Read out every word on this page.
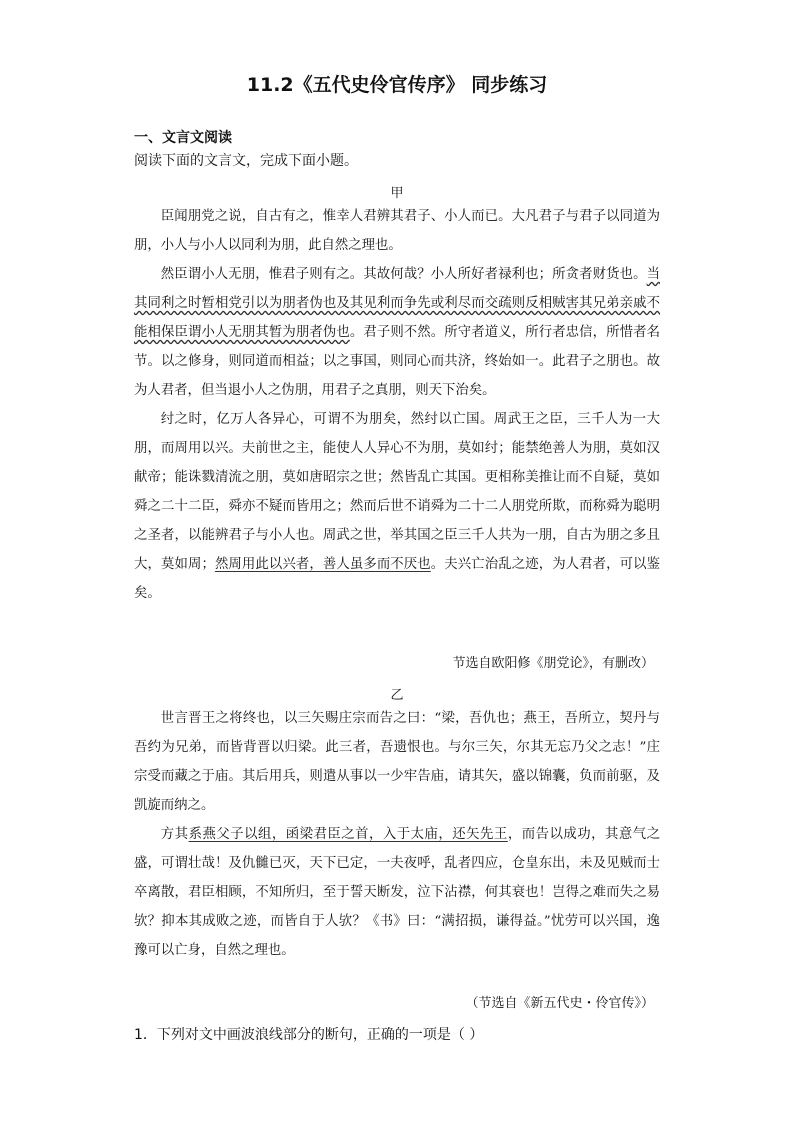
11.2《五代史伶官传序》 同步练习
一、文言文阅读
阅读下面的文言文，完成下面小题。
甲

臣闻朋党之说，自古有之，惟幸人君辨其君子、小人而已。大凡君子与君子以同道为朋，小人与小人以同利为朋，此自然之理也。

然臣谓小人无朋，惟君子则有之。其故何哉？小人所好者禄利也；所贪者财货也。当其同利之时暂相党引以为朋者伪也及其见利而争先或利尽而交疏则反相贼害其兄弟亲戚不能相保臣谓小人无朋其暂为朋者伪也。君子则不然。所守者道义，所行者忠信，所惜者名节。以之修身，则同道而相益；以之事国，则同心而共济，终始如一。此君子之朋也。故为人君者，但当退小人之伪朋，用君子之真朋，则天下治矣。

纣之时，亿万人各异心，可谓不为朋矣，然纣以亡国。周武王之臣，三千人为一大朋，而周用以兴。夫前世之主，能使人人异心不为朋，莫如纣；能禁绝善人为朋，莫如汉献帝；能诛戮清流之朋，莫如唐昭宗之世；然皆乱亡其国。更相称美推让而不自疑，莫如舜之二十二臣，舜亦不疑而皆用之；然而后世不诮舜为二十二人朋党所欺，而称舜为聪明之圣者，以能辨君子与小人也。周武之世，举其国之臣三千人共为一朋，自古为朋之多且大，莫如周；然周用此以兴者，善人虽多而不厌也。夫兴亡治乱之迹，为人君者，可以鉴矣。

节选自欧阳修《朋党论》，有删改）
乙

世言晋王之将终也，以三矢赐庄宗而告之曰：“梁，吾仇也；燕王，吾所立，契丹与吾约为兄弟，而皆背晋以归梁。此三者，吾遗恨也。与尔三矢，尔其无忘乃父之志！”庄宗受而藏之于庙。其后用兵，则遣从事以一少牢告庙，请其矢，盛以锦囊，负而前驱，及凯旋而纳之。

方其系燕父子以组，函梁君臣之首，入于太庙，还矢先王，而告以成功，其意气之盛，可谓壮哉！及仇雠已灭，天下已定，一夫夜呼，乱者四应，仓皇东出，未及见贼而士卒离散，君臣相顾，不知所归，至于誓天断发，泣下沾襟，何其衰也！岂得之难而失之易欤？抑本其成败之迹，而皆自于人欤？《书》曰：“满招损，谦得益。”忧劳可以兴国，逸豫可以亡身，自然之理也。

（节选自《新五代史・伶官传》）
1．下列对文中画波浪线部分的断句，正确的一项是（ ）
